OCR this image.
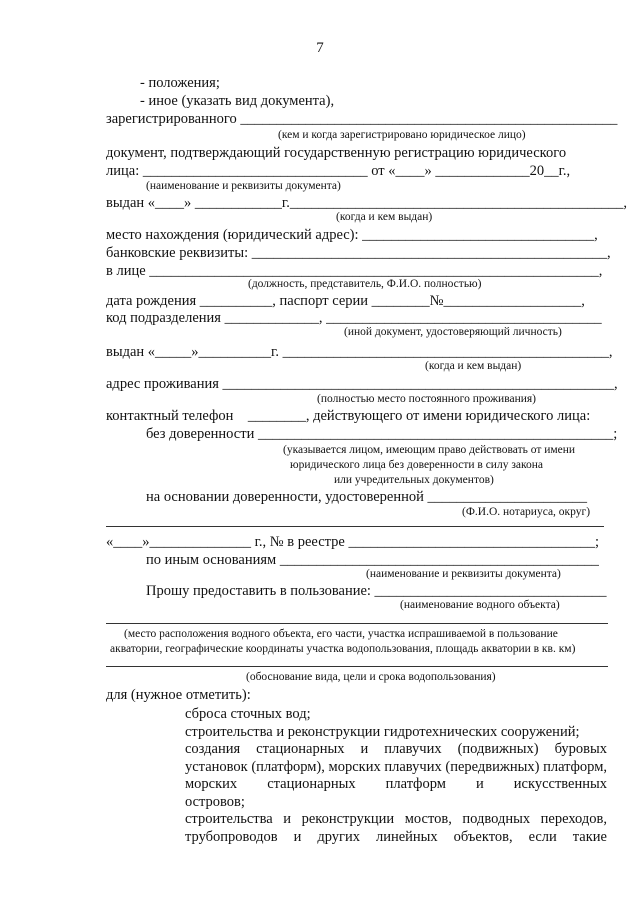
7
- положения;
- иное (указать вид документа),
зарегистрированного ____________________________________________________
(кем и когда зарегистрировано юридическое лицо)
документ, подтверждающий государственную регистрацию юридического
лица: _______________________________ от «____» _____________20__г.,
(наименование и реквизиты документа)
выдан «____» ____________г.______________________________________________,
(когда и кем выдан)
место нахождения (юридический адрес): ________________________________,
банковские реквизиты: _________________________________________________,
в лице ______________________________________________________________,
(должность, представитель, Ф.И.О. полностью)
дата рождения __________, паспорт серии ________№___________________,
код подразделения _____________, ______________________________________
(иной документ, удостоверяющий личность)
выдан «_____»__________г. _____________________________________________,
(когда и кем выдан)
адрес проживания ______________________________________________________,
(полностью место постоянного проживания)
контактный телефон    ________, действующего от имени юридического лица:
без доверенности _________________________________________________;
(указывается лицом, имеющим право действовать от имени
юридического лица без доверенности в силу закона
или учредительных документов)
на основании доверенности, удостоверенной ______________________
(Ф.И.О. нотариуса, округ)
«____»______________ г., № в реестре __________________________________;
по иным основаниям ____________________________________________
(наименование и реквизиты документа)
Прошу предоставить в пользование: ________________________________
(наименование водного объекта)
(место расположения водного объекта, его части, участка испрашиваемой в пользование
акватории, географические координаты участка водопользования, площадь акватории в кв. км)
(обоснование вида, цели и срока водопользования)
для (нужное отметить):
сброса сточных вод;
строительства и реконструкции гидротехнических сооружений;
создания стационарных и плавучих (подвижных) буровых установок (платформ), морских плавучих (передвижных) платформ, морских стационарных платформ и искусственных
островов;
строительства и реконструкции мостов, подводных переходов, трубопроводов и других линейных объектов, если такие
